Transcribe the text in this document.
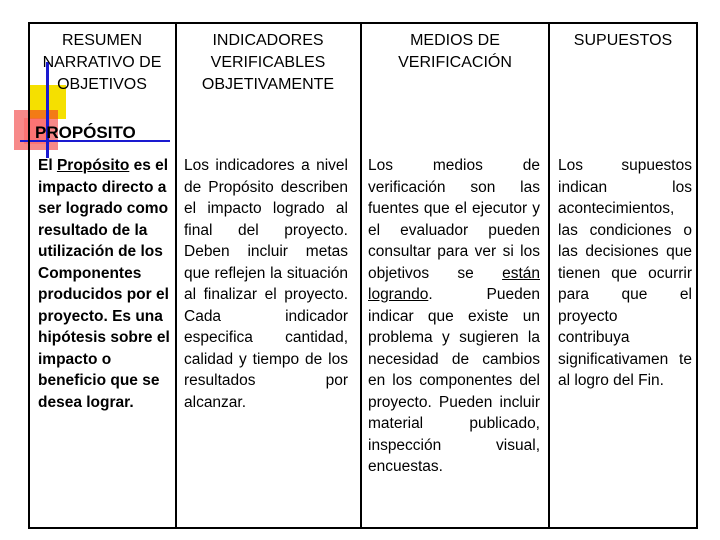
RESUMEN NARRATIVO DE OBJETIVOS
INDICADORES VERIFICABLES OBJETIVAMENTE
MEDIOS DE VERIFICACIÓN
SUPUESTOS
PROPÓSITO
El Propósito es el impacto directo a ser logrado como resultado de la utilización de los Componentes producidos por el proyecto. Es una hipótesis sobre el impacto o beneficio que se desea lograr.
Los indicadores a nivel de Propósito describen el impacto logrado al final del proyecto. Deben incluir metas que reflejen la situación al finalizar el proyecto. Cada indicador especifica cantidad, calidad y tiempo de los resultados por alcanzar.
Los medios de verificación son las fuentes que el ejecutor y el evaluador pueden consultar para ver si los objetivos se están logrando. Pueden indicar que existe un problema y sugieren la necesidad de cambios en los componentes del proyecto. Pueden incluir material publicado, inspección visual, encuestas.
Los supuestos indican los acontecimientos, las condiciones o las decisiones que tienen que ocurrir para que el proyecto contribuya significativamen te al logro del Fin.
